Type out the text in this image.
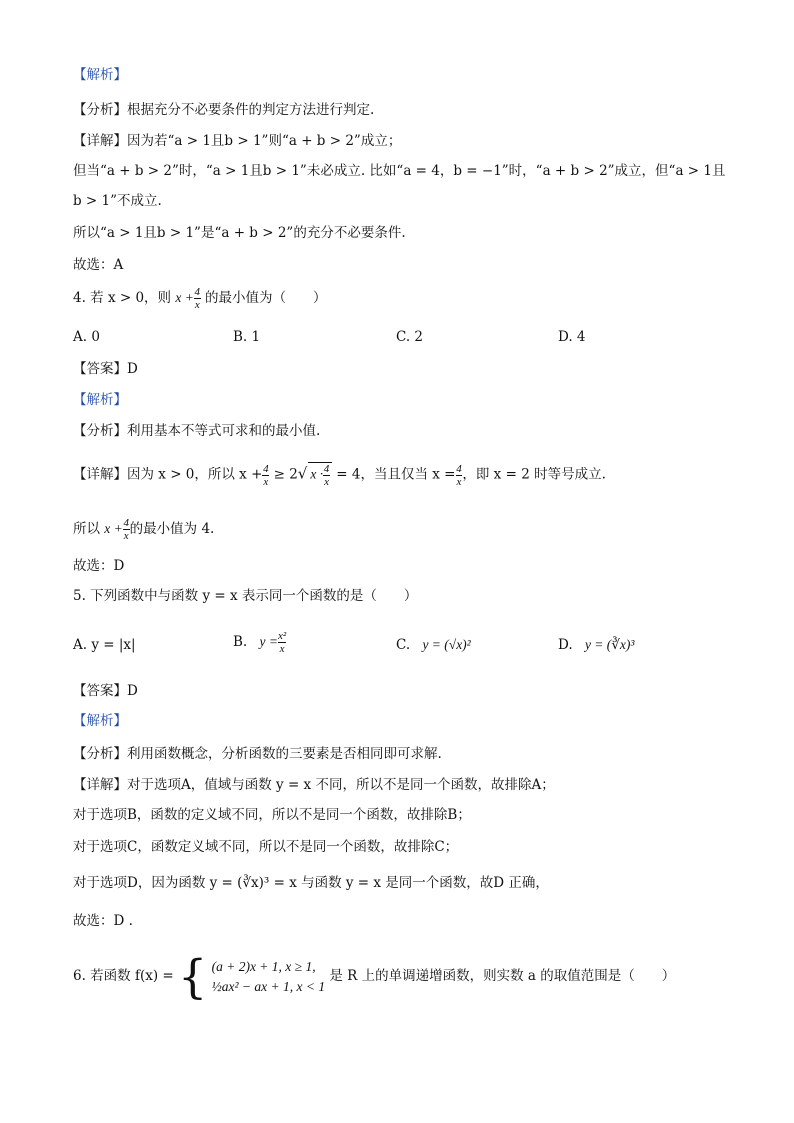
【解析】
【分析】根据充分不必要条件的判定方法进行判定.
【详解】因为若“a > 1且b > 1”则“a + b > 2”成立；
但当“a + b > 2”时，“a > 1且b > 1”未必成立. 比如“a = 4，b = −1”时，“a + b > 2”成立，但“a > 1且
b > 1”不成立.
所以“a > 1且b > 1”是“a + b > 2”的充分不必要条件.
故选：A
4. 若 x > 0，则 $x + \frac{4}{x}$ 的最小值为（　　）
A. 0	B. 1	C. 2	D. 4
【答案】D
【解析】
【分析】利用基本不等式可求和的最小值.
【详解】因为 x > 0，所以 $x + \frac{4}{x} \ge 2√$ $x \cdot \frac{4}{x} = 4$，当且仅当 $x = \frac{4}{x}$ ，即 x = 2 时等号成立.
所以 $x + \frac{4}{x}$ 的最小值为 4.
故选：D
5. 下列函数中与函数 y = x 表示同一个函数的是（　　）
A. y = |x|	B. $y = \frac{\text{x²}}{x}$	C. y = (√x)²	D. y = (∛x)³
【答案】D
【解析】
【分析】利用函数概念，分析函数的三要素是否相同即可求解.
【详解】对于选项A，值域与函数 y = x 不同，所以不是同一个函数，故排除A；
对于选项B，函数的定义域不同，所以不是同一个函数，故排除B；
对于选项C，函数定义域不同，所以不是同一个函数，故排除C；
对于选项D，因为函数 y = (∛x)³ = x 与函数 y = x 是同一个函数，故D 正确，
故选：D .
6. 若函数 f(x) = { (a + 2)x + 1, x ≥ 1,
½ax² − ax + 1, x < 1
是 R 上的单调递增函数，则实数 a 的取值范围是（　　）
